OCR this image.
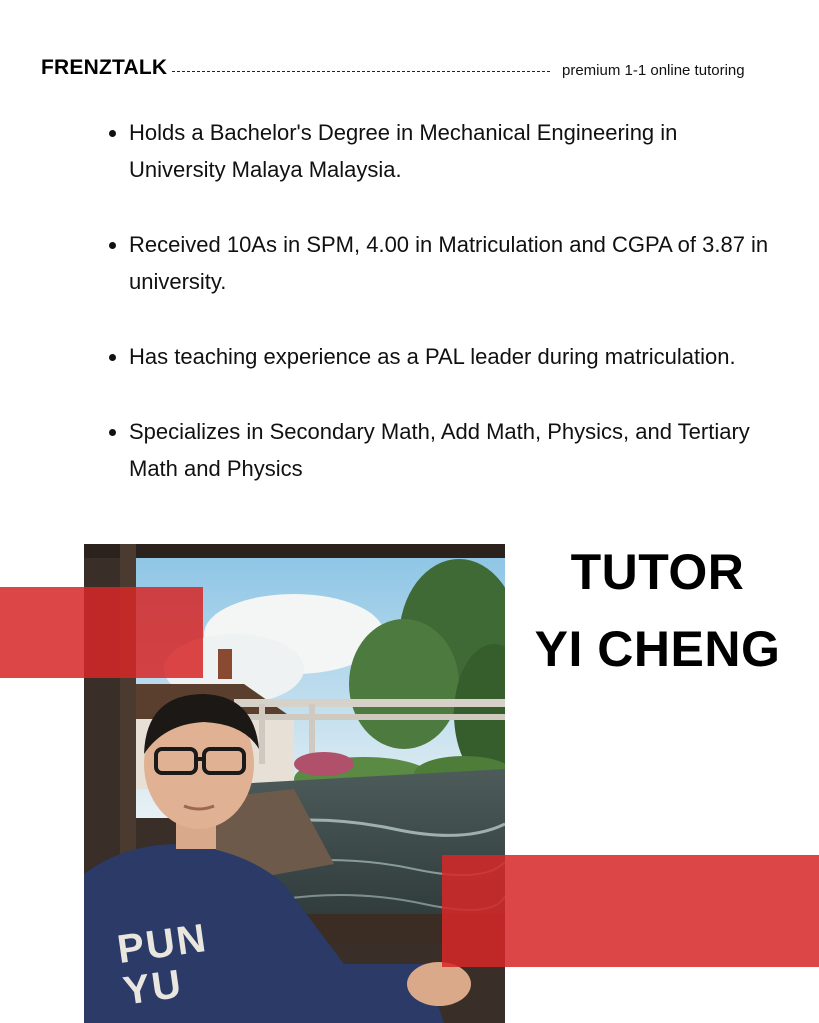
FRENZTALK	premium 1-1 online tutoring
• Holds a Bachelor's Degree in Mechanical Engineering in University Malaya Malaysia.
• Received 10As in SPM, 4.00 in Matriculation and CGPA of 3.87 in university.
• Has teaching experience as a PAL leader during matriculation.
• Specializes in Secondary Math, Add Math, Physics, and Tertiary Math and Physics
PUN YU
TUTOR
YI CHENG
